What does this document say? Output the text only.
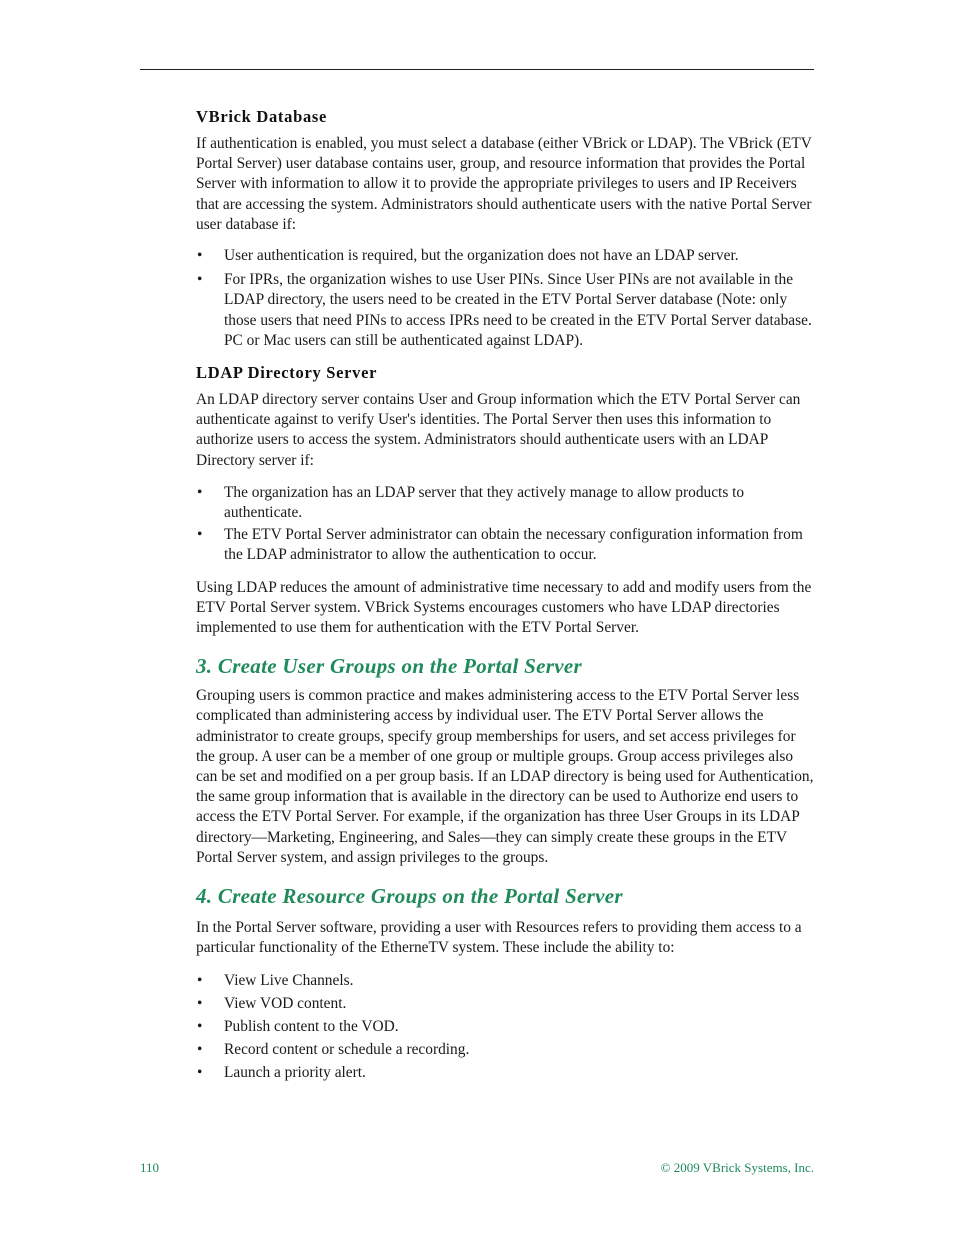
VBrick Database

If authentication is enabled, you must select a database (either VBrick or LDAP). The VBrick (ETV Portal Server) user database contains user, group, and resource information that provides the Portal Server with information to allow it to provide the appropriate privileges to users and IP Receivers that are accessing the system. Administrators should authenticate users with the native Portal Server user database if:

• User authentication is required, but the organization does not have an LDAP server.
• For IPRs, the organization wishes to use User PINs. Since User PINs are not available in the LDAP directory, the users need to be created in the ETV Portal Server database (Note: only those users that need PINs to access IPRs need to be created in the ETV Portal Server database. PC or Mac users can still be authenticated against LDAP).
LDAP Directory Server

An LDAP directory server contains User and Group information which the ETV Portal Server can authenticate against to verify User's identities. The Portal Server then uses this information to authorize users to access the system. Administrators should authenticate users with an LDAP Directory server if:

• The organization has an LDAP server that they actively manage to allow products to authenticate.
• The ETV Portal Server administrator can obtain the necessary configuration information from the LDAP administrator to allow the authentication to occur.

Using LDAP reduces the amount of administrative time necessary to add and modify users from the ETV Portal Server system. VBrick Systems encourages customers who have LDAP directories implemented to use them for authentication with the ETV Portal Server.

3. Create User Groups on the Portal Server

Grouping users is common practice and makes administering access to the ETV Portal Server less complicated than administering access by individual user. The ETV Portal Server allows the administrator to create groups, specify group memberships for users, and set access privileges for the group. A user can be a member of one group or multiple groups. Group access privileges also can be set and modified on a per group basis. If an LDAP directory is being used for Authentication, the same group information that is available in the directory can be used to Authorize end users to access the ETV Portal Server. For example, if the organization has three User Groups in its LDAP directory—Marketing, Engineering, and Sales—they can simply create these groups in the ETV Portal Server system, and assign privileges to the groups.

4. Create Resource Groups on the Portal Server

In the Portal Server software, providing a user with Resources refers to providing them access to a particular functionality of the EtherneTV system. These include the ability to:

• View Live Channels.
• View VOD content.
• Publish content to the VOD.
• Record content or schedule a recording.
• Launch a priority alert.
110	© 2009 VBrick Systems, Inc.
